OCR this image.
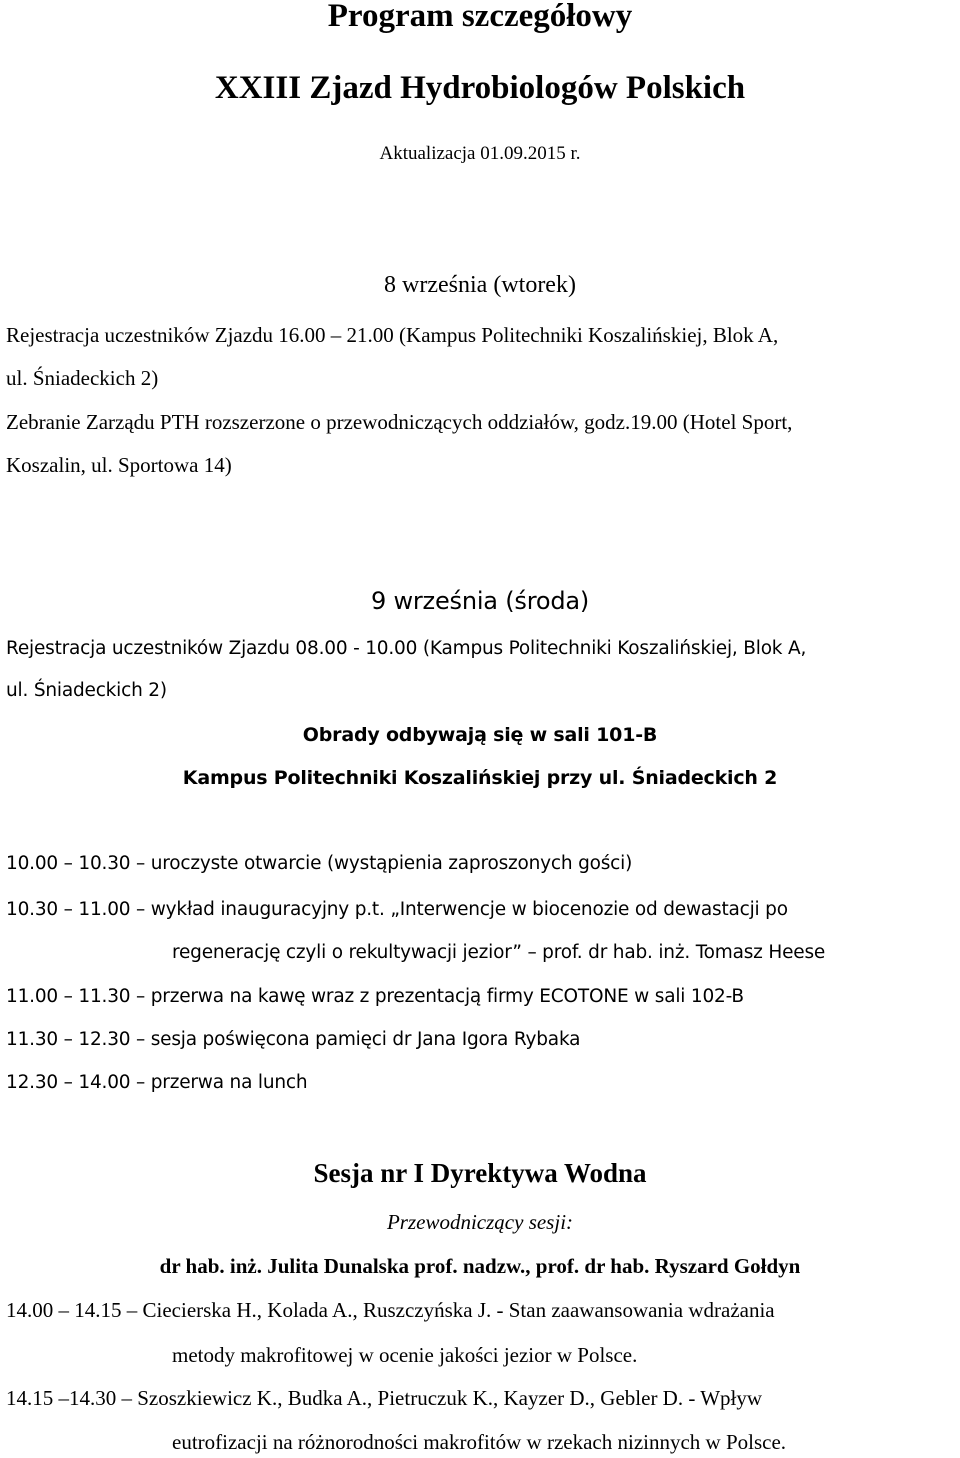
Program szczegółowy
XXIII Zjazd Hydrobiologów Polskich
Aktualizacja 01.09.2015 r.
8 września (wtorek)
Rejestracja uczestników Zjazdu 16.00 – 21.00 (Kampus Politechniki Koszalińskiej, Blok A,
ul. Śniadeckich 2)
Zebranie Zarządu PTH rozszerzone o przewodniczących oddziałów, godz.19.00 (Hotel Sport,
Koszalin, ul. Sportowa 14)
9 września (środa)
Rejestracja uczestników Zjazdu 08.00 - 10.00 (Kampus Politechniki Koszalińskiej, Blok A,
ul. Śniadeckich 2)
Obrady odbywają się w sali 101-B
Kampus Politechniki Koszalińskiej przy ul. Śniadeckich 2
10.00 – 10.30 – uroczyste otwarcie (wystąpienia zaproszonych gości)
10.30 – 11.00 – wykład inauguracyjny p.t. „Interwencje w biocenozie od dewastacji po
regenerację czyli o rekultywacji jezior” – prof. dr hab. inż. Tomasz Heese
11.00 – 11.30 – przerwa na kawę wraz z prezentacją firmy ECOTONE w sali 102-B
11.30 – 12.30 – sesja poświęcona pamięci dr Jana Igora Rybaka
12.30 – 14.00 – przerwa na lunch
Sesja nr I Dyrektywa Wodna
Przewodniczący sesji:
dr hab. inż. Julita Dunalska prof. nadzw., prof. dr hab. Ryszard Gołdyn
14.00 – 14.15 – Ciecierska H., Kolada A., Ruszczyńska J. - Stan zaawansowania wdrażania
metody makrofitowej w ocenie jakości jezior w Polsce.
14.15 –14.30 – Szoszkiewicz K., Budka A., Pietruczuk K., Kayzer D., Gebler D. - Wpływ
eutrofizacji na różnorodności makrofitów w rzekach nizinnych w Polsce.
